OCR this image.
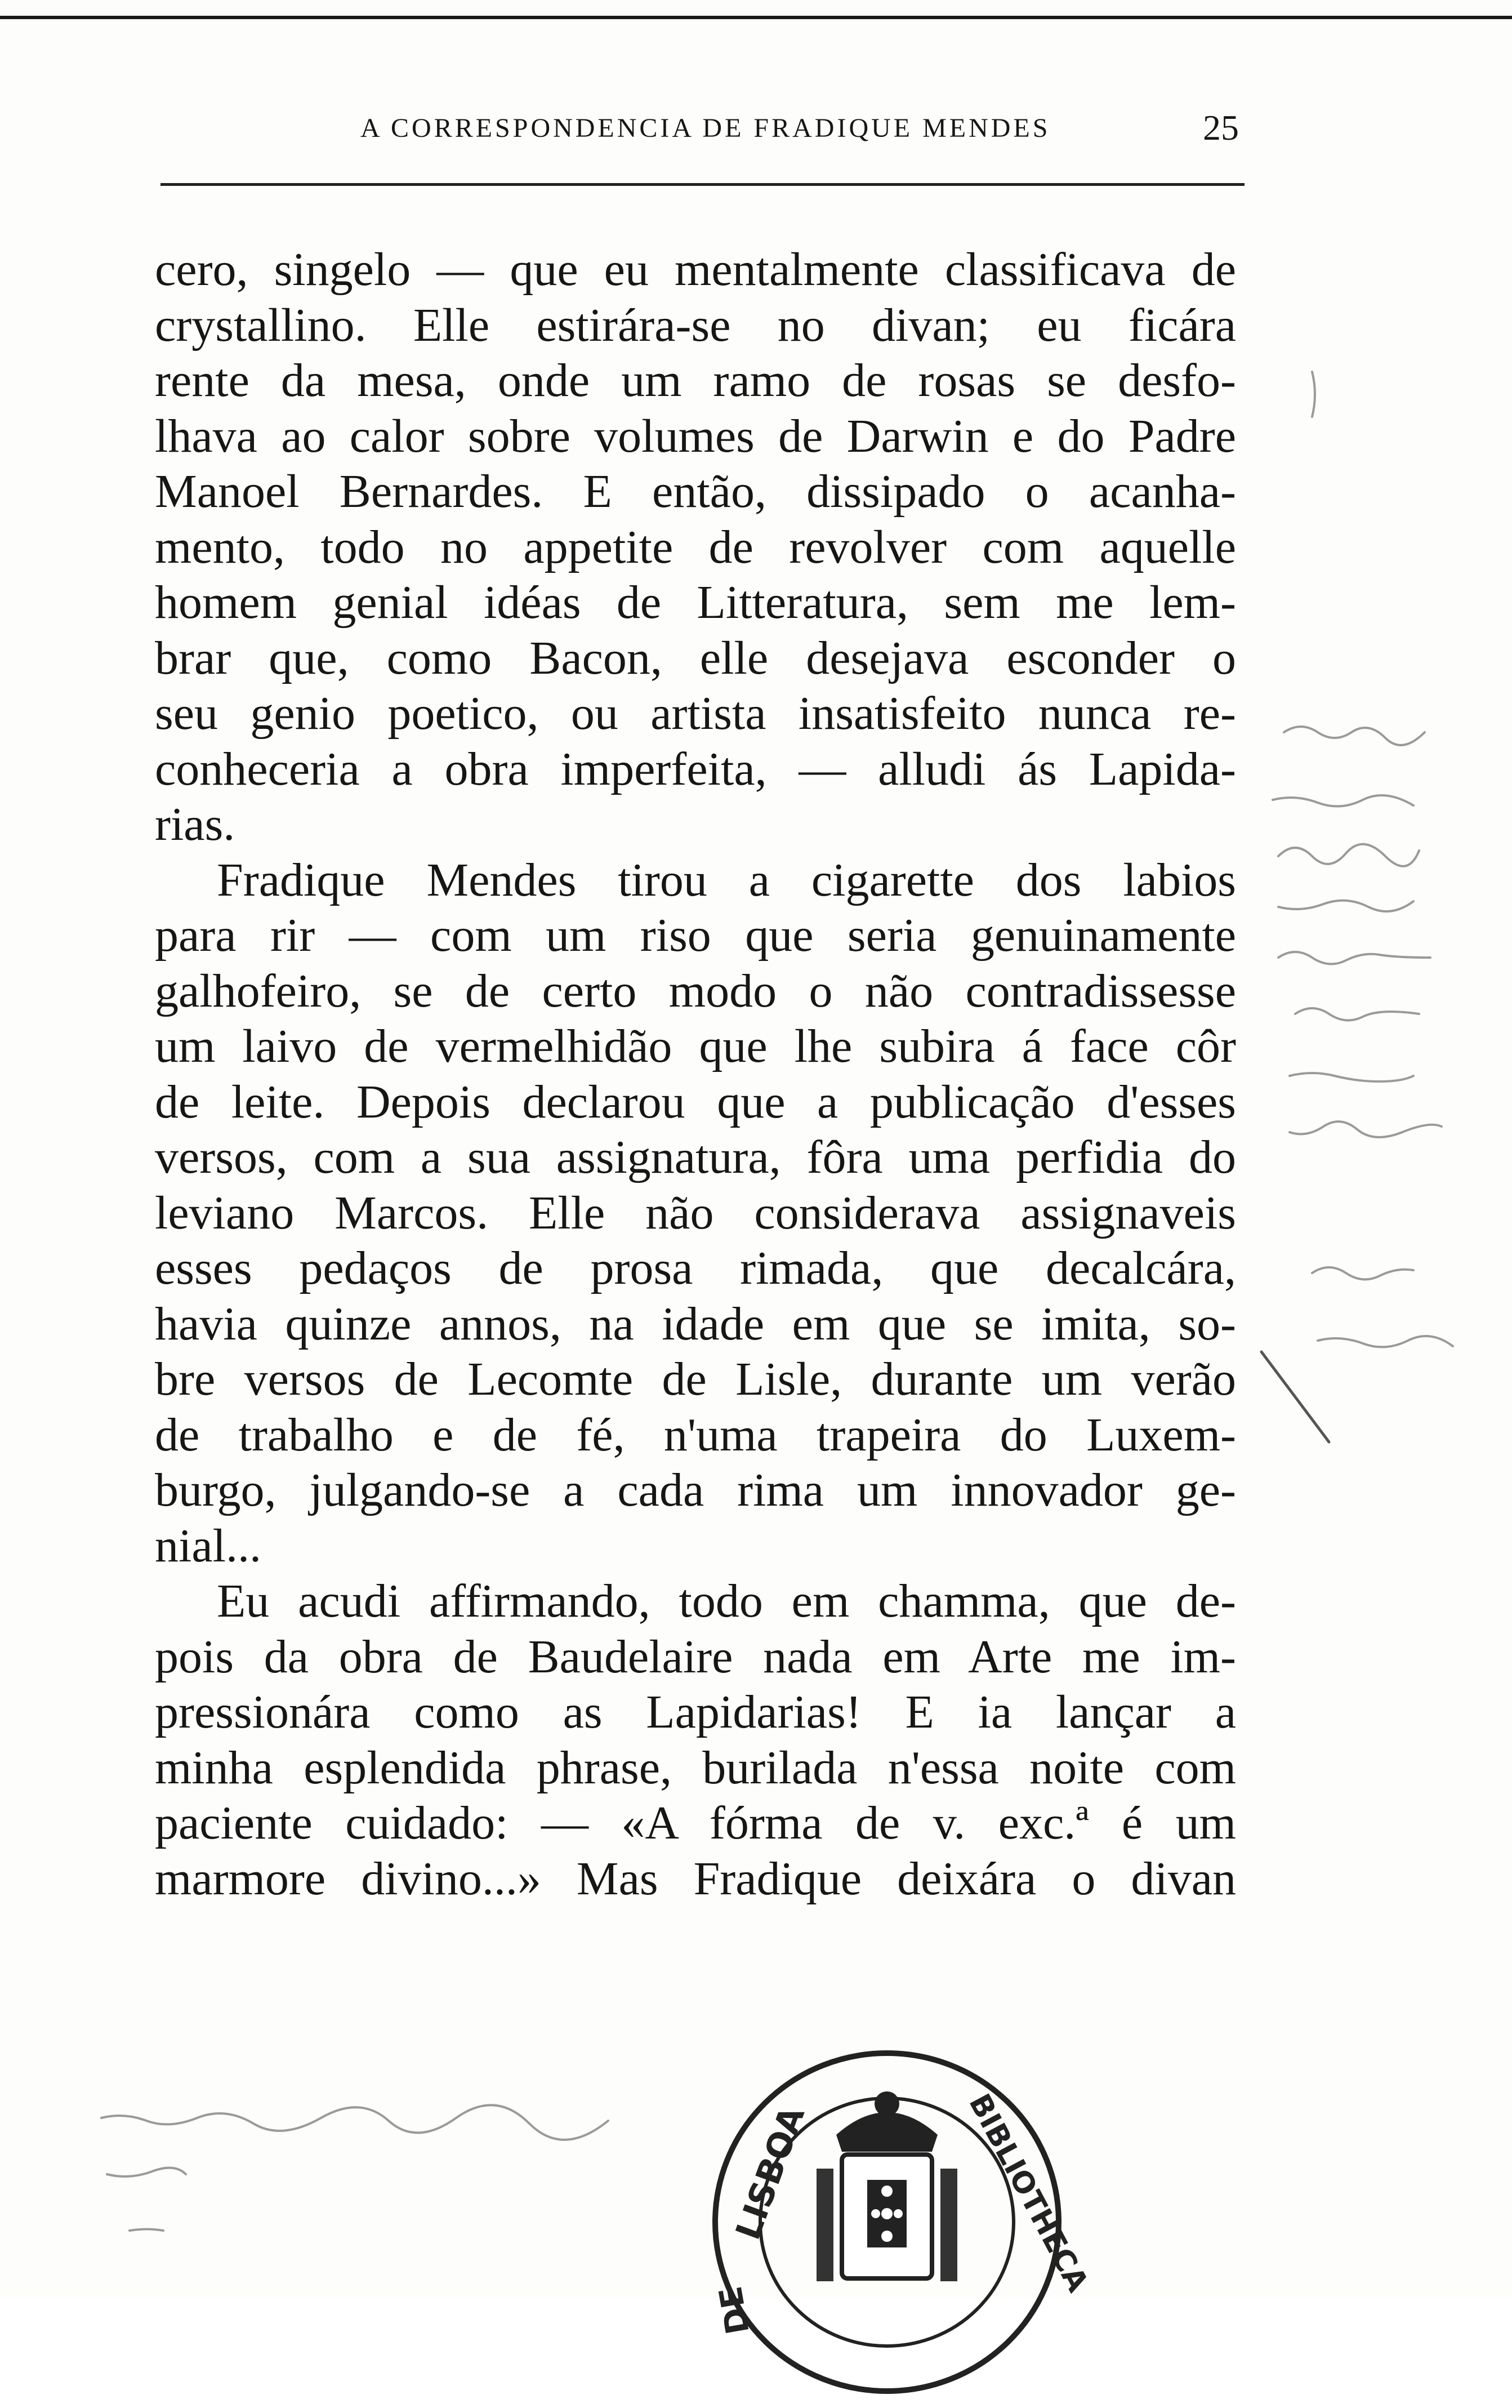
A CORRESPONDENCIA DE FRADIQUE MENDES	25
cero, singelo — que eu mentalmente classificava de
crystallino. Elle estirára-se no divan; eu ficára
rente da mesa, onde um ramo de rosas se desfo-
lhava ao calor sobre volumes de Darwin e do Padre
Manoel Bernardes. E então, dissipado o acanha-
mento, todo no appetite de revolver com aquelle
homem genial idéas de Litteratura, sem me lem-
brar que, como Bacon, elle desejava esconder o
seu genio poetico, ou artista insatisfeito nunca re-
conheceria a obra imperfeita, — alludi ás Lapida-
rias.
Fradique Mendes tirou a cigarette dos labios
para rir — com um riso que seria genuinamente
galhofeiro, se de certo modo o não contradissesse
um laivo de vermelhidão que lhe subira á face côr
de leite. Depois declarou que a publicação d'esses
versos, com a sua assignatura, fôra uma perfidia do
leviano Marcos. Elle não considerava assignaveis
esses pedaços de prosa rimada, que decalcára,
havia quinze annos, na idade em que se imita, so-
bre versos de Lecomte de Lisle, durante um verão
de trabalho e de fé, n'uma trapeira do Luxem-
burgo, julgando-se a cada rima um innovador ge-
nial...
Eu acudi affirmando, todo em chamma, que de-
pois da obra de Baudelaire nada em Arte me im-
pressionára como as Lapidarias! E ia lançar a
minha esplendida phrase, burilada n'essa noite com
paciente cuidado: — «A fórma de v. exc.ª é um
marmore divino...» Mas Fradique deixára o divan
LISBOA	BIBLIOTHECA
DE
